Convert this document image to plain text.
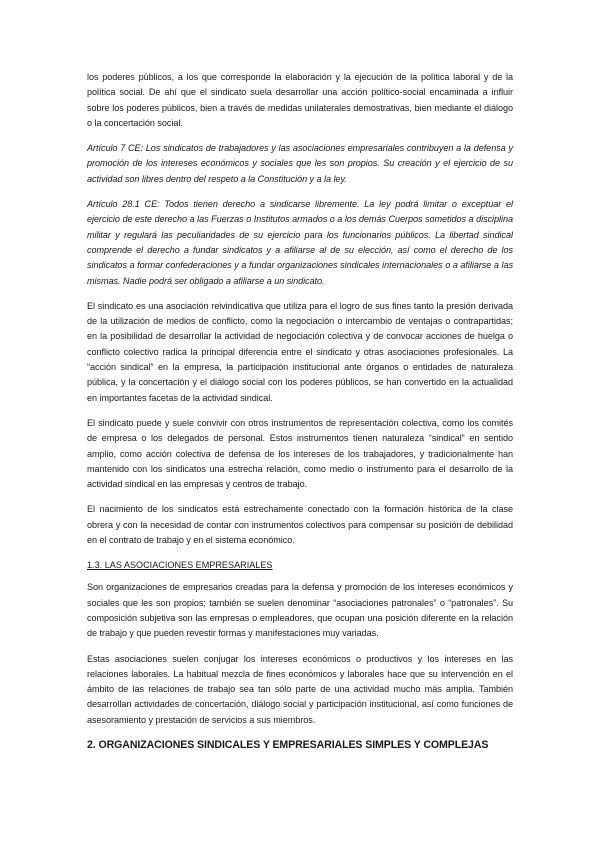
los poderes públicos, a los que corresponde la elaboración y la ejecución de la política laboral y de la política social. De ahí que el sindicato suela desarrollar una acción político-social encaminada a influir sobre los poderes públicos, bien a través de medidas unilaterales demostrativas, bien mediante el diálogo o la concertación social.

Artículo 7 CE: Los sindicatos de trabajadores y las asociaciones empresariales contribuyen a la defensa y promoción de los intereses económicos y sociales que les son propios. Su creación y el ejercicio de su actividad son libres dentro del respeto a la Constitución y a la ley.

Artículo 28.1 CE: Todos tienen derecho a sindicarse libremente. La ley podrá limitar o exceptuar el ejercicio de este derecho a las Fuerzas o Institutos armados o a los demás Cuerpos sometidos a disciplina militar y regulará las peculiaridades de su ejercicio para los funcionarios públicos. La libertad sindical comprende el derecho a fundar sindicatos y a afiliarse al de su elección, así como el derecho de los sindicatos a formar confederaciones y a fundar organizaciones sindicales internacionales o a afiliarse a las mismas. Nadie podrá ser obligado a afiliarse a un sindicato.

El sindicato es una asociación reivindicativa que utiliza para el logro de sus fines tanto la presión derivada de la utilización de medios de conflicto, como la negociación o intercambio de ventajas o contrapartidas; en la posibilidad de desarrollar la actividad de negociación colectiva y de convocar acciones de huelga o conflicto colectivo radica la principal diferencia entre el sindicato y otras asociaciones profesionales. La “acción sindical” en la empresa, la participación institucional ante órganos o entidades de naturaleza pública, y la concertación y el diálogo social con los poderes públicos, se han convertido en la actualidad en importantes facetas de la actividad sindical.

El sindicato puede y suele convivir con otros instrumentos de representación colectiva, como los comités de empresa o los delegados de personal. Estos instrumentos tienen naturaleza “sindical” en sentido amplio, como acción colectiva de defensa de los intereses de los trabajadores, y tradicionalmente han mantenido con los sindicatos una estrecha relación, como medio o instrumento para el desarrollo de la actividad sindical en las empresas y centros de trabajo.

El nacimiento de los sindicatos está estrechamente conectado con la formación histórica de la clase obrera y con la necesidad de contar con instrumentos colectivos para compensar su posición de debilidad en el contrato de trabajo y en el sistema económico.

1.3. LAS ASOCIACIONES EMPRESARIALES

Son organizaciones de empresarios creadas para la defensa y promoción de los intereses económicos y sociales que les son propios; también se suelen denominar “asociaciones patronales” o “patronales”. Su composición subjetiva son las empresas o empleadores, que ocupan una posición diferente en la relación de trabajo y que pueden revestir formas y manifestaciones muy variadas.

Estas asociaciones suelen conjugar los intereses económicos o productivos y los intereses en las relaciones laborales. La habitual mezcla de fines económicos y laborales hace que su intervención en el ámbito de las relaciones de trabajo sea tan sólo parte de una actividad mucho más amplia. También desarrollan actividades de concertación, diálogo social y participación institucional, así como funciones de asesoramiento y prestación de servicios a sus miembros.

2. ORGANIZACIONES SINDICALES Y EMPRESARIALES SIMPLES Y COMPLEJAS
